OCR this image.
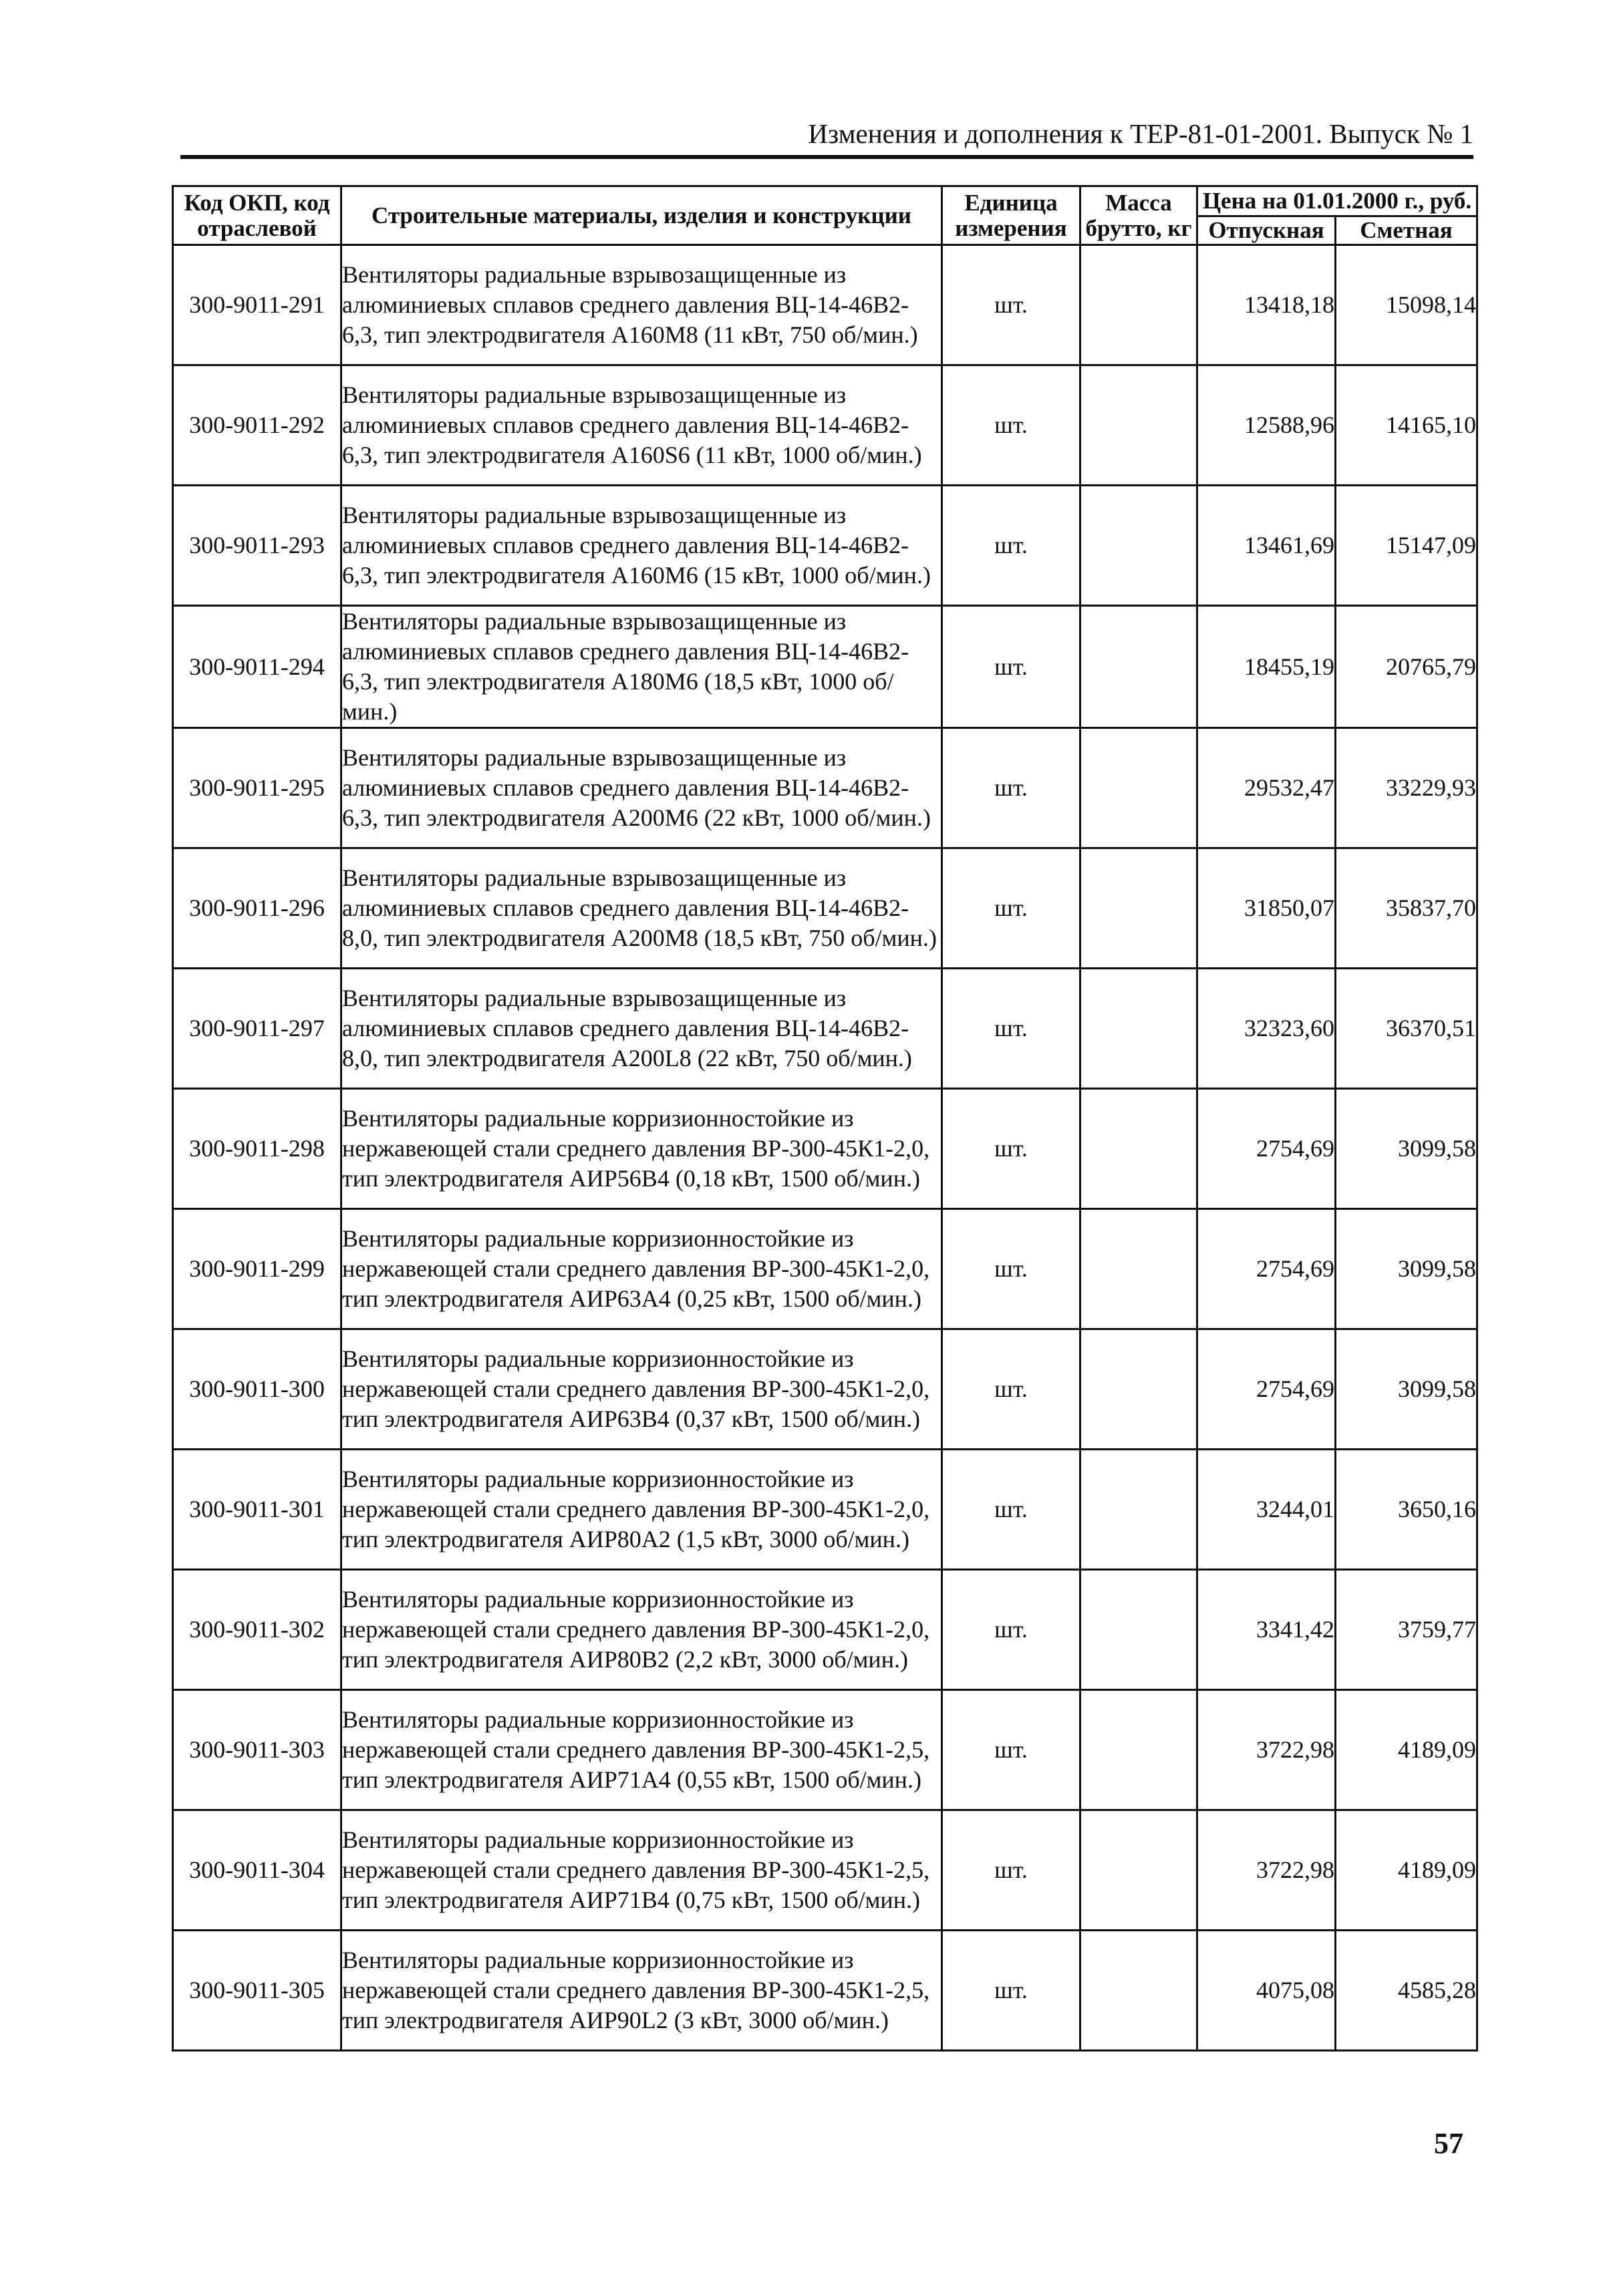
Изменения и дополнения к ТЕР-81-01-2001. Выпуск № 1
Код ОКП, код отраслевой	Строительные материалы, изделия и конструкции	Единица измерения	Масса брутто, кг	Цена на 01.01.2000 г., руб.	

				Отпускная	Сметная
300-9011-291	Вентиляторы радиальные взрывозащищенные из алюминиевых сплавов среднего давления ВЦ-14-46В2-6,3, тип электродвигателя А160М8 (11 кВт, 750 об/мин.)	шт.		13418,18	15098,14
300-9011-292	Вентиляторы радиальные взрывозащищенные из алюминиевых сплавов среднего давления ВЦ-14-46В2-6,3, тип электродвигателя А160S6 (11 кВт, 1000 об/мин.)	шт.		12588,96	14165,10
300-9011-293	Вентиляторы радиальные взрывозащищенные из алюминиевых сплавов среднего давления ВЦ-14-46В2-6,3, тип электродвигателя А160М6 (15 кВт, 1000 об/мин.)	шт.		13461,69	15147,09
300-9011-294	Вентиляторы радиальные взрывозащищенные из алюминиевых сплавов среднего давления ВЦ-14-46В2-6,3, тип электродвигателя А180М6 (18,5 кВт, 1000 об/мин.)	шт.		18455,19	20765,79
300-9011-295	Вентиляторы радиальные взрывозащищенные из алюминиевых сплавов среднего давления ВЦ-14-46В2-6,3, тип электродвигателя А200М6 (22 кВт, 1000 об/мин.)	шт.		29532,47	33229,93
300-9011-296	Вентиляторы радиальные взрывозащищенные из алюминиевых сплавов среднего давления ВЦ-14-46В2-8,0, тип электродвигателя А200М8 (18,5 кВт, 750 об/мин.)	шт.		31850,07	35837,70
300-9011-297	Вентиляторы радиальные взрывозащищенные из алюминиевых сплавов среднего давления ВЦ-14-46В2-8,0, тип электродвигателя А200L8 (22 кВт, 750 об/мин.)	шт.		32323,60	36370,51
300-9011-298	Вентиляторы радиальные корризионностойкие из нержавеющей стали среднего давления ВР-300-45К1-2,0, тип электродвигателя АИР56В4 (0,18 кВт, 1500 об/мин.)	шт.		2754,69	3099,58
300-9011-299	Вентиляторы радиальные корризионностойкие из нержавеющей стали среднего давления ВР-300-45К1-2,0, тип электродвигателя АИР63А4 (0,25 кВт, 1500 об/мин.)	шт.		2754,69	3099,58
300-9011-300	Вентиляторы радиальные корризионностойкие из нержавеющей стали среднего давления ВР-300-45К1-2,0, тип электродвигателя АИР63В4 (0,37 кВт, 1500 об/мин.)	шт.		2754,69	3099,58
300-9011-301	Вентиляторы радиальные корризионностойкие из нержавеющей стали среднего давления ВР-300-45К1-2,0, тип электродвигателя АИР80А2 (1,5 кВт, 3000 об/мин.)	шт.		3244,01	3650,16
300-9011-302	Вентиляторы радиальные корризионностойкие из нержавеющей стали среднего давления ВР-300-45К1-2,0, тип электродвигателя АИР80В2 (2,2 кВт, 3000 об/мин.)	шт.		3341,42	3759,77
300-9011-303	Вентиляторы радиальные корризионностойкие из нержавеющей стали среднего давления ВР-300-45К1-2,5, тип электродвигателя АИР71А4 (0,55 кВт, 1500 об/мин.)	шт.		3722,98	4189,09
300-9011-304	Вентиляторы радиальные корризионностойкие из нержавеющей стали среднего давления ВР-300-45К1-2,5, тип электродвигателя АИР71В4 (0,75 кВт, 1500 об/мин.)	шт.		3722,98	4189,09
300-9011-305	Вентиляторы радиальные корризионностойкие из нержавеющей стали среднего давления ВР-300-45К1-2,5, тип электродвигателя АИР90L2 (3 кВт, 3000 об/мин.)	шт.		4075,08	4585,28
57
